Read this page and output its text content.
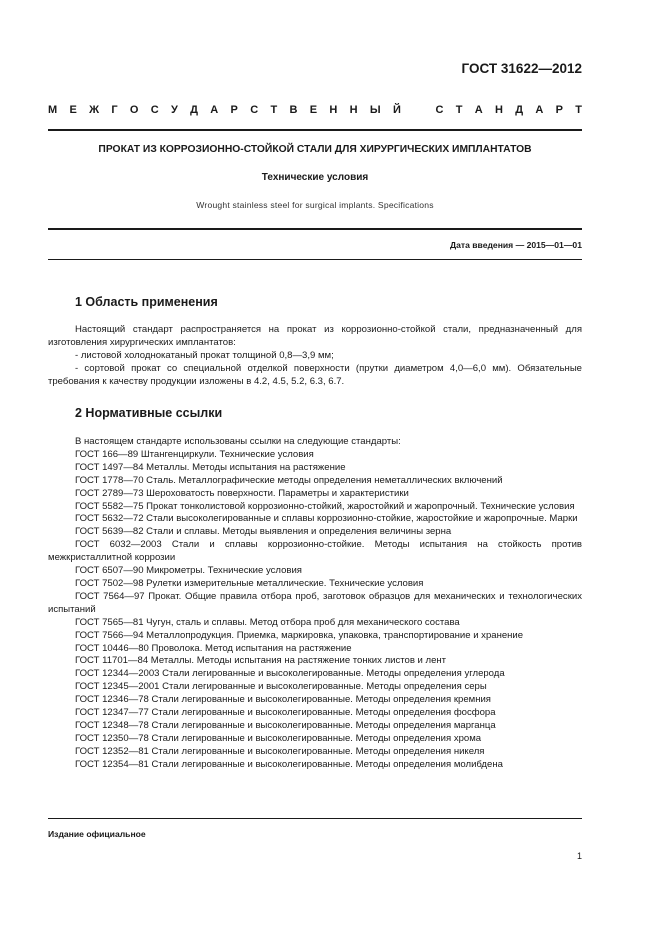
ГОСТ 31622—2012
М Е Ж Г О С У Д А Р С Т В Е Н Н Ы Й	С Т А Н Д А Р Т
ПРОКАТ ИЗ КОРРОЗИОННО-СТОЙКОЙ СТАЛИ ДЛЯ ХИРУРГИЧЕСКИХ ИМПЛАНТАТОВ
Технические условия
Wrought stainless steel for surgical implants. Specifications
Дата введения — 2015—01—01
1 Область применения

Настоящий стандарт распространяется на прокат из коррозионно-стойкой стали, предназначенный для изготовления хирургических имплантатов:

- листовой холоднокатаный прокат толщиной 0,8—3,9 мм;

- сортовой прокат со специальной отделкой поверхности (прутки диаметром 4,0—6,0 мм). Обязательные требования к качеству продукции изложены в 4.2, 4.5, 5.2, 6.3, 6.7.

2 Нормативные ссылки

В настоящем стандарте использованы ссылки на следующие стандарты:

ГОСТ 166—89 Штангенциркули. Технические условия

ГОСТ 1497—84 Металлы. Методы испытания на растяжение

ГОСТ 1778—70 Сталь. Металлографические методы определения неметаллических включений

ГОСТ 2789—73 Шероховатость поверхности. Параметры и характеристики

ГОСТ 5582—75 Прокат тонколистовой коррозионно-стойкий, жаростойкий и жаропрочный. Технические условия

ГОСТ 5632—72 Стали высоколегированные и сплавы коррозионно-стойкие, жаростойкие и жаропрочные. Марки

ГОСТ 5639—82 Стали и сплавы. Методы выявления и определения величины зерна

ГОСТ 6032—2003 Стали и сплавы коррозионно-стойкие. Методы испытания на стойкость против межкристаллитной коррозии

ГОСТ 6507—90 Микрометры. Технические условия

ГОСТ 7502—98 Рулетки измерительные металлические. Технические условия

ГОСТ 7564—97 Прокат. Общие правила отбора проб, заготовок образцов для механических и технологических испытаний

ГОСТ 7565—81 Чугун, сталь и сплавы. Метод отбора проб для механического состава

ГОСТ 7566—94 Металлопродукция. Приемка, маркировка, упаковка, транспортирование и хранение

ГОСТ 10446—80 Проволока. Метод испытания на растяжение

ГОСТ 11701—84 Металлы. Методы испытания на растяжение тонких листов и лент

ГОСТ 12344—2003 Стали легированные и высоколегированные. Методы определения углерода

ГОСТ 12345—2001 Стали легированные и высоколегированные. Методы определения серы

ГОСТ 12346—78 Стали легированные и высоколегированные. Методы определения кремния

ГОСТ 12347—77 Стали легированные и высоколегированные. Методы определения фосфора

ГОСТ 12348—78 Стали легированные и высоколегированные. Методы определения марганца

ГОСТ 12350—78 Стали легированные и высоколегированные. Методы определения хрома

ГОСТ 12352—81 Стали легированные и высоколегированные. Методы определения никеля

ГОСТ 12354—81 Стали легированные и высоколегированные. Методы определения молибдена

Издание официальное
1
